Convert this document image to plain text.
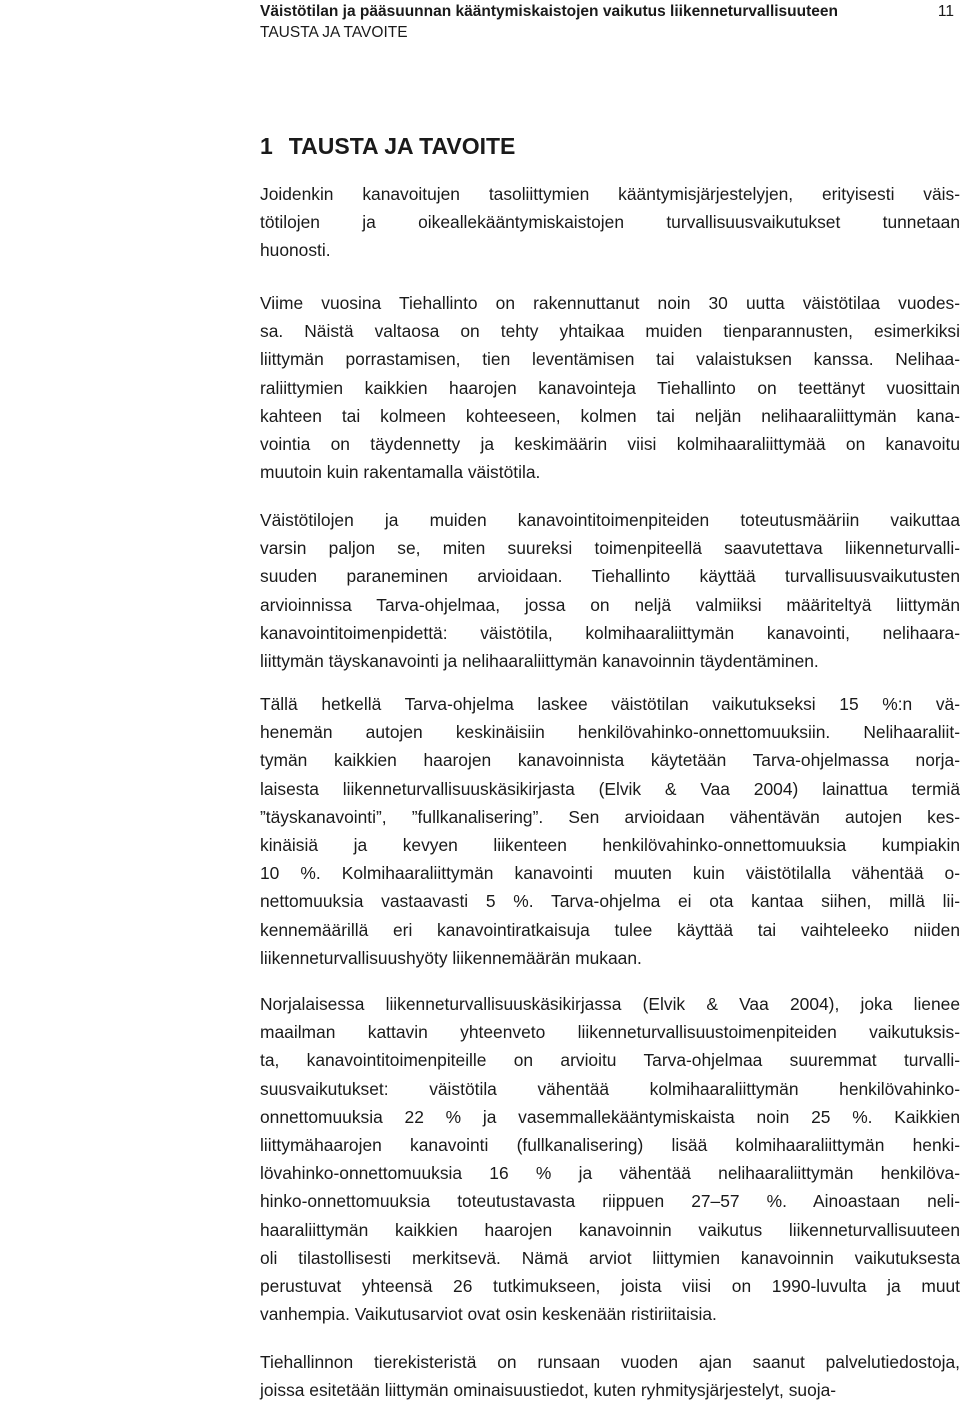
Väistötilan ja pääsuunnan kääntymiskaistojen vaikutus liikenneturvallisuuteen
TAUSTA JA TAVOITE
11
1 TAUSTA JA TAVOITE
Joidenkin kanavoitujen tasoliittymien kääntymisjärjestelyjen, erityisesti väis-
tötilojen ja oikeallekääntymiskaistojen turvallisuusvaikutukset tunnetaan
huonosti.
Viime vuosina Tiehallinto on rakennuttanut noin 30 uutta väistötilaa vuodes-
sa. Näistä valtaosa on tehty yhtaikaa muiden tienparannusten, esimerkiksi
liittymän porrastamisen, tien leventämisen tai valaistuksen kanssa. Nelihaa-
raliittymien kaikkien haarojen kanavointeja Tiehallinto on teettänyt vuosittain
kahteen tai kolmeen kohteeseen, kolmen tai neljän nelihaaraliittymän kana-
vointia on täydennetty ja keskimäärin viisi kolmihaaraliittymää on kanavoitu
muutoin kuin rakentamalla väistötila.
Väistötilojen ja muiden kanavointitoimenpiteiden toteutusmääriin vaikuttaa
varsin paljon se, miten suureksi toimenpiteellä saavutettava liikenneturvalli-
suuden paraneminen arvioidaan. Tiehallinto käyttää turvallisuusvaikutusten
arvioinnissa Tarva-ohjelmaa, jossa on neljä valmiiksi määriteltyä liittymän
kanavointitoimenpidettä: väistötila, kolmihaaraliittymän kanavointi, nelihaara-
liittymän täyskanavointi ja nelihaaraliittymän kanavoinnin täydentäminen.
Tällä hetkellä Tarva-ohjelma laskee väistötilan vaikutukseksi 15 %:n vä-
henemän autojen keskinäisiin henkilövahinko-onnettomuuksiin. Nelihaaraliit-
tymän kaikkien haarojen kanavoinnista käytetään Tarva-ohjelmassa norja-
laisesta liikenneturvallisuuskäsikirjasta (Elvik & Vaa 2004) lainattua termiä
”täyskanavointi”, ”fullkanalisering”. Sen arvioidaan vähentävän autojen kes-
kinäisiä ja kevyen liikenteen henkilövahinko-onnettomuuksia kumpiakin
10 %. Kolmihaaraliittymän kanavointi muuten kuin väistötilalla vähentää o-
nettomuuksia vastaavasti 5 %. Tarva-ohjelma ei ota kantaa siihen, millä lii-
kennemäärillä eri kanavointiratkaisuja tulee käyttää tai vaihteleeko niiden
liikenneturvallisuushyöty liikennemäärän mukaan.
Norjalaisessa liikenneturvallisuuskäsikirjassa (Elvik & Vaa 2004), joka lienee
maailman kattavin yhteenveto liikenneturvallisuustoimenpiteiden vaikutuksis-
ta, kanavointitoimenpiteille on arvioitu Tarva-ohjelmaa suuremmat turvalli-
suusvaikutukset: väistötila vähentää kolmihaaraliittymän henkilövahinko-
onnettomuuksia 22 % ja vasemmallekääntymiskaista noin 25 %. Kaikkien
liittymähaarojen kanavointi (fullkanalisering) lisää kolmihaaraliittymän henki-
lövahinko-onnettomuuksia 16 % ja vähentää nelihaaraliittymän henkilöva-
hinko-onnettomuuksia toteutustavasta riippuen 27–57 %. Ainoastaan neli-
haaraliittymän kaikkien haarojen kanavoinnin vaikutus liikenneturvallisuuteen
oli tilastollisesti merkitsevä. Nämä arviot liittymien kanavoinnin vaikutuksesta
perustuvat yhteensä 26 tutkimukseen, joista viisi on 1990-luvulta ja muut
vanhempia. Vaikutusarviot ovat osin keskenään ristiriitaisia.
Tiehallinnon tierekisteristä on runsaan vuoden ajan saanut palvelutiedostoja,
joissa esitetään liittymän ominaisuustiedot, kuten ryhmitysjärjestelyt, suoja-
